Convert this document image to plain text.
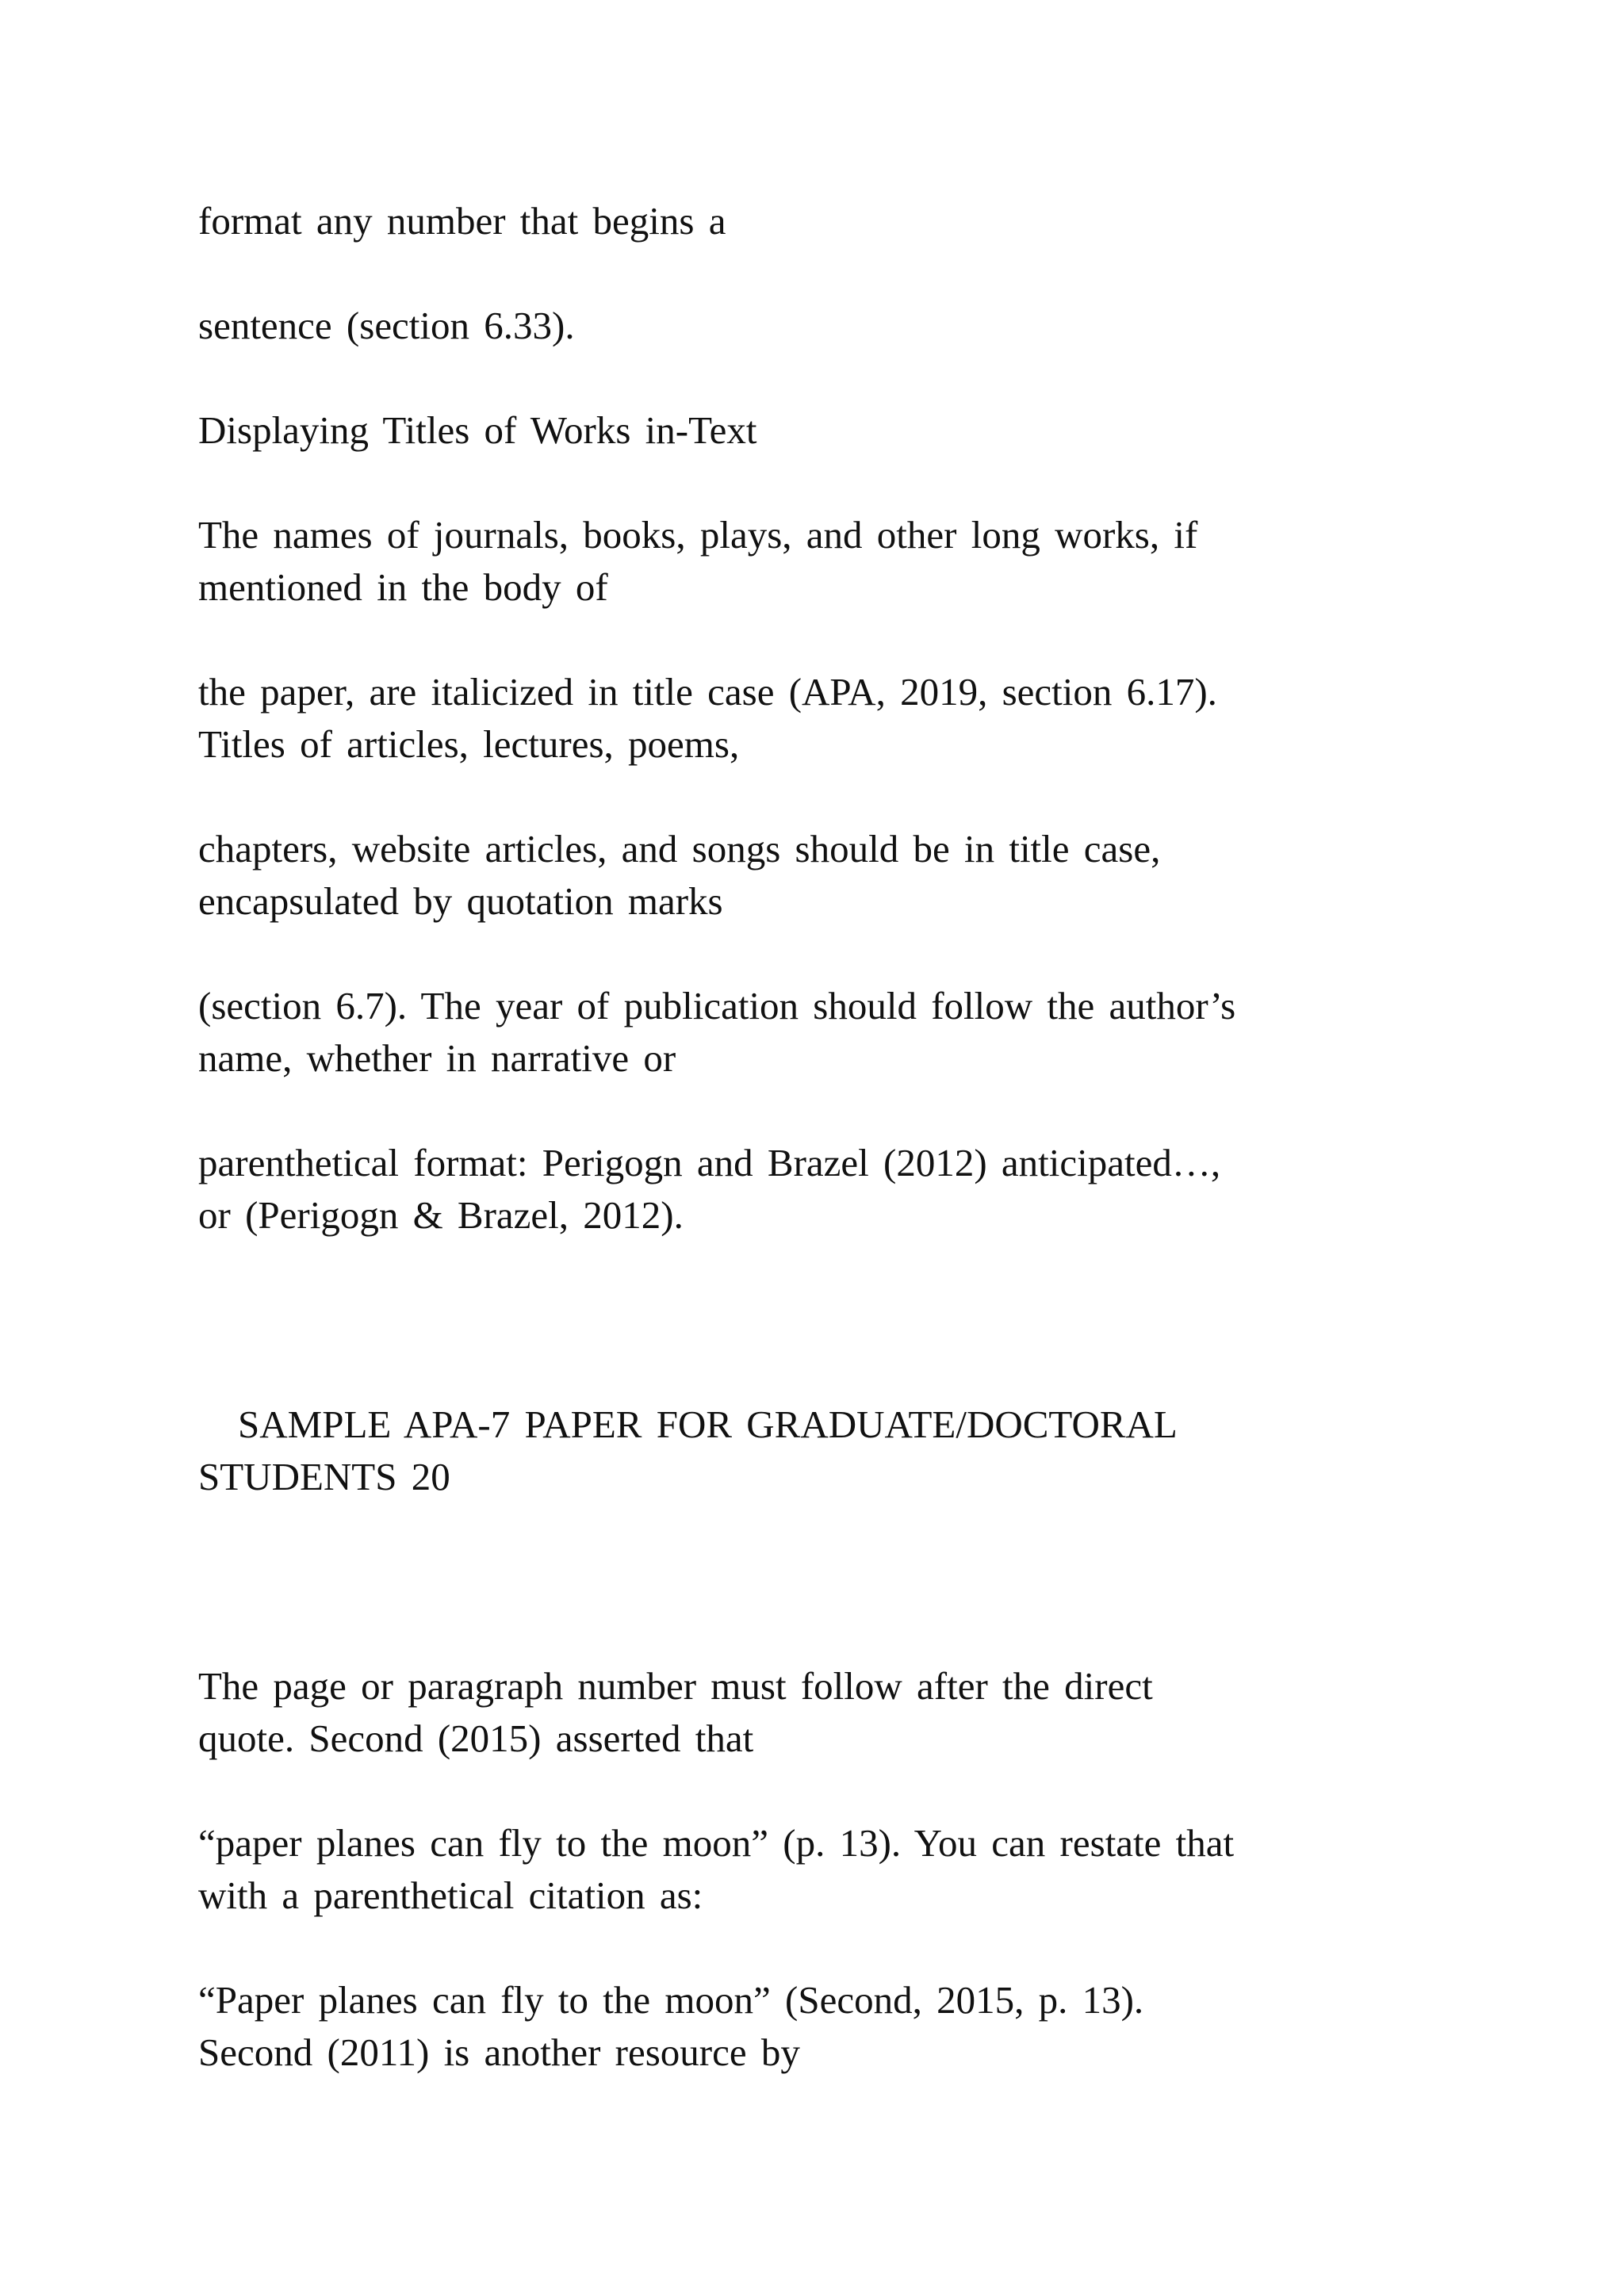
format any number that begins a

sentence (section 6.33).

Displaying Titles of Works in-Text

The names of journals, books, plays, and other long works, if

mentioned in the body of

the paper, are italicized in title case (APA, 2019, section 6.17).

Titles of articles, lectures, poems,

chapters, website articles, and songs should be in title case,

encapsulated by quotation marks

(section 6.7). The year of publication should follow the author’s

name, whether in narrative or

parenthetical format: Perigogn and Brazel (2012) anticipated…,

or (Perigogn & Brazel, 2012).

SAMPLE APA-7 PAPER FOR GRADUATE/DOCTORAL

STUDENTS 20

The page or paragraph number must follow after the direct

quote. Second (2015) asserted that

“paper planes can fly to the moon” (p. 13). You can restate that

with a parenthetical citation as:

“Paper planes can fly to the moon” (Second, 2015, p. 13).

Second (2011) is another resource by
